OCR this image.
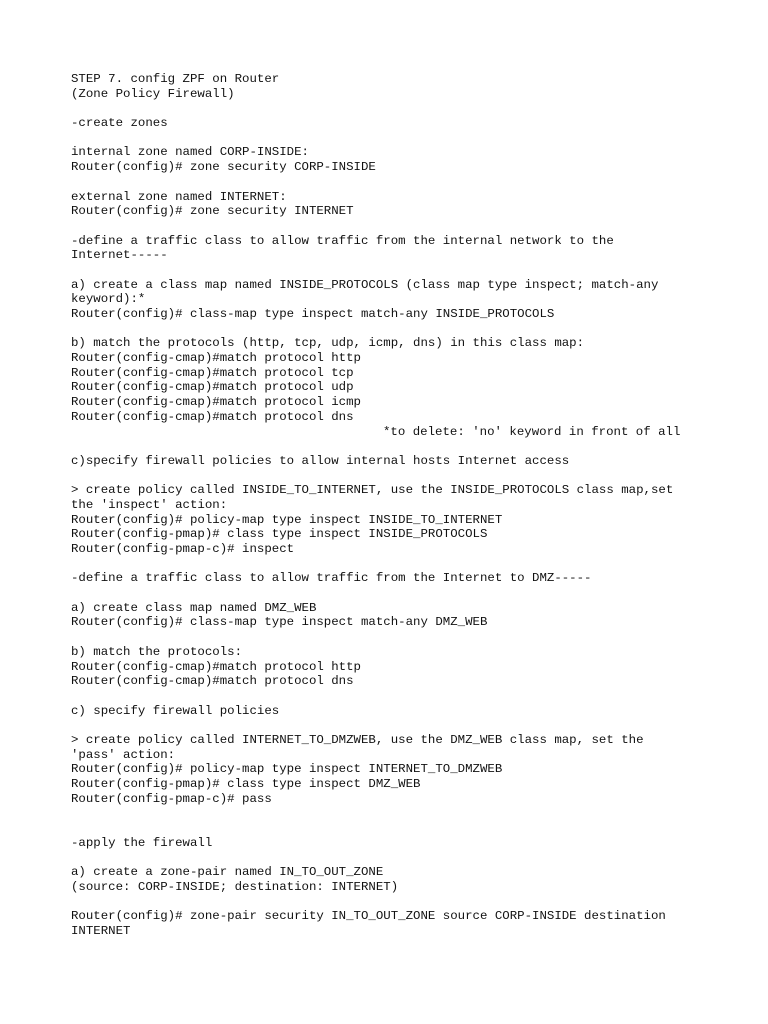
STEP 7. config ZPF on Router
(Zone Policy Firewall)
-create zones
internal zone named CORP-INSIDE:
Router(config)# zone security CORP-INSIDE
external zone named INTERNET:
Router(config)# zone security INTERNET
-define a traffic class to allow traffic from the internal network to the
Internet-----
a) create a class map named INSIDE_PROTOCOLS (class map type inspect; match-any
keyword):*
Router(config)# class-map type inspect match-any INSIDE_PROTOCOLS
b) match the protocols (http, tcp, udp, icmp, dns) in this class map:
Router(config-cmap)#match protocol http
Router(config-cmap)#match protocol tcp
Router(config-cmap)#match protocol udp
Router(config-cmap)#match protocol icmp
Router(config-cmap)#match protocol dns
*to delete: 'no' keyword in front of all
c)specify firewall policies to allow internal hosts Internet access
> create policy called INSIDE_TO_INTERNET, use the INSIDE_PROTOCOLS class map,set
the 'inspect' action:
Router(config)# policy-map type inspect INSIDE_TO_INTERNET
Router(config-pmap)# class type inspect INSIDE_PROTOCOLS
Router(config-pmap-c)# inspect
-define a traffic class to allow traffic from the Internet to DMZ-----
a) create class map named DMZ_WEB
Router(config)# class-map type inspect match-any DMZ_WEB
b) match the protocols:
Router(config-cmap)#match protocol http
Router(config-cmap)#match protocol dns
c) specify firewall policies
> create policy called INTERNET_TO_DMZWEB, use the DMZ_WEB class map, set the
'pass' action:
Router(config)# policy-map type inspect INTERNET_TO_DMZWEB
Router(config-pmap)# class type inspect DMZ_WEB
Router(config-pmap-c)# pass
-apply the firewall
a) create a zone-pair named IN_TO_OUT_ZONE
(source: CORP-INSIDE; destination: INTERNET)
Router(config)# zone-pair security IN_TO_OUT_ZONE source CORP-INSIDE destination
INTERNET
